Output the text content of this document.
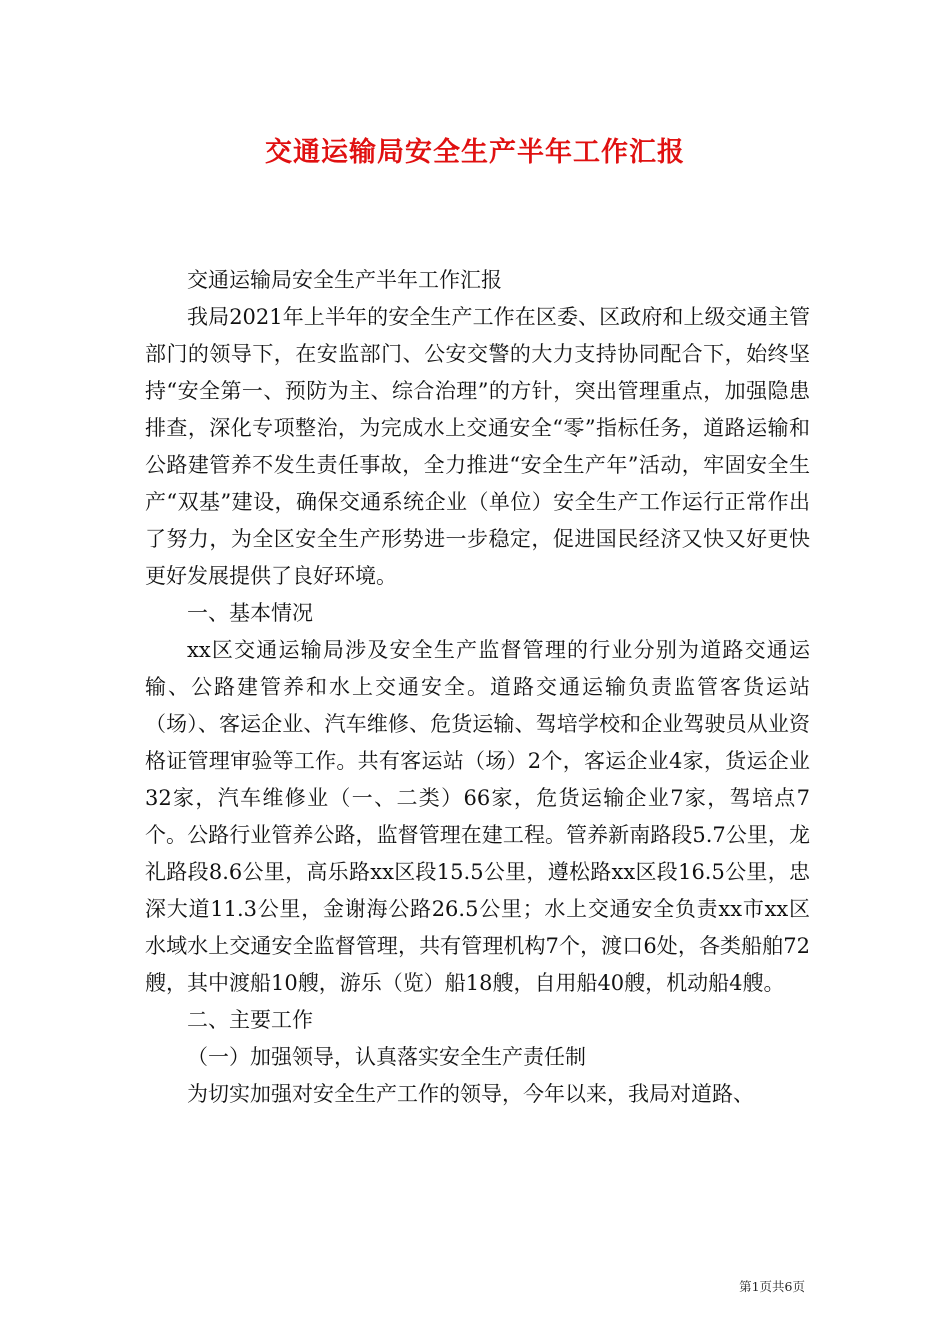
交通运输局安全生产半年工作汇报

交通运输局安全生产半年工作汇报

我局2021年上半年的安全生产工作在区委、区政府和上级交通主管部门的领导下，在安监部门、公安交警的大力支持协同配合下，始终坚持“安全第一、预防为主、综合治理”的方针，突出管理重点，加强隐患排查，深化专项整治，为完成水上交通安全“零”指标任务，道路运输和公路建管养不发生责任事故，全力推进“安全生产年”活动，牢固安全生产“双基”建设，确保交通系统企业（单位）安全生产工作运行正常作出了努力，为全区安全生产形势进一步稳定，促进国民经济又快又好更快更好发展提供了良好环境。

一、基本情况

xx区交通运输局涉及安全生产监督管理的行业分别为道路交通运输、公路建管养和水上交通安全。道路交通运输负责监管客货运站（场）、客运企业、汽车维修、危货运输、驾培学校和企业驾驶员从业资格证管理审验等工作。共有客运站（场）2个，客运企业4家，货运企业32家，汽车维修业（一、二类）66家，危货运输企业7家，驾培点7个。公路行业管养公路，监督管理在建工程。管养新南路段5.7公里，龙礼路段8.6公里，高乐路xx区段15.5公里，遵松路xx区段16.5公里，忠深大道11.3公里，金谢海公路26.5公里；水上交通安全负责xx市xx区水域水上交通安全监督管理，共有管理机构7个，渡口6处，各类船舶72艘，其中渡船10艘，游乐（览）船18艘，自用船40艘，机动船4艘。

二、主要工作

（一）加强领导，认真落实安全生产责任制

为切实加强对安全生产工作的领导，今年以来，我局对道路、

第1页共6页
